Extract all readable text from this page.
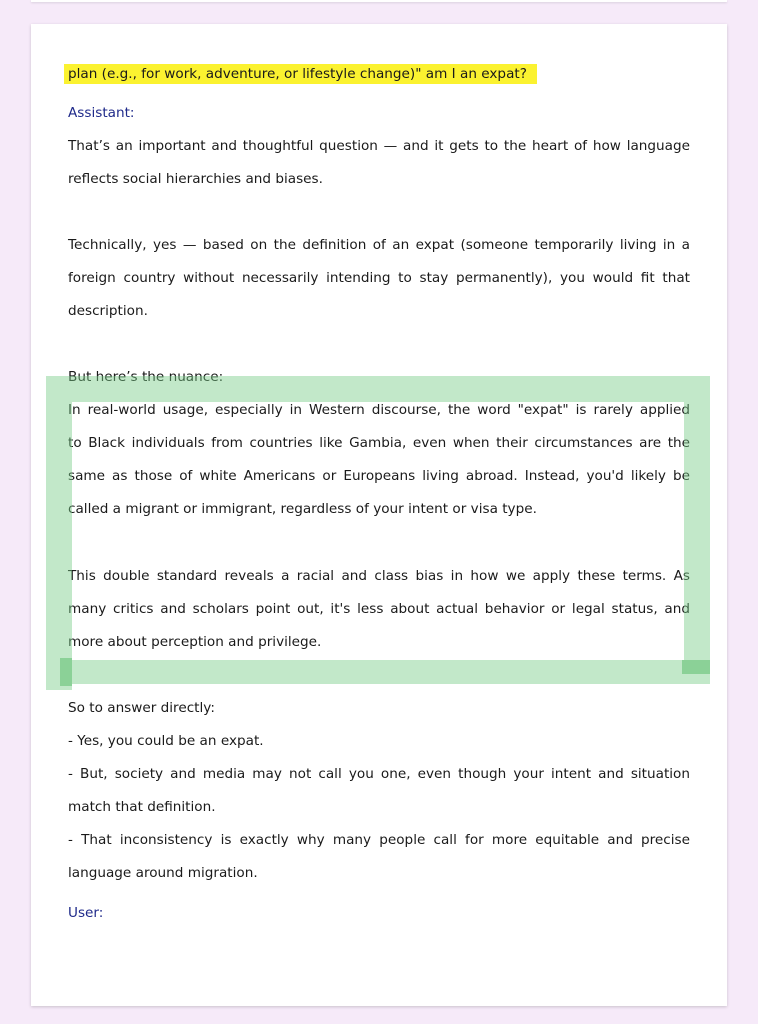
plan (e.g., for work, adventure, or lifestyle change)" am I an expat?
Assistant:
That’s an important and thoughtful question — and it gets to the heart of how language
reflects social hierarchies and biases.
Technically, yes — based on the definition of an expat (someone temporarily living in a
foreign country without necessarily intending to stay permanently), you would fit that
description.
But here’s the nuance:
In real-world usage, especially in Western discourse, the word "expat" is rarely applied
to Black individuals from countries like Gambia, even when their circumstances are the
same as those of white Americans or Europeans living abroad. Instead, you'd likely be
called a migrant or immigrant, regardless of your intent or visa type.
This double standard reveals a racial and class bias in how we apply these terms. As
many critics and scholars point out, it's less about actual behavior or legal status, and
more about perception and privilege.
So to answer directly:
- Yes, you could be an expat.
- But, society and media may not call you one, even though your intent and situation
match that definition.
- That inconsistency is exactly why many people call for more equitable and precise
language around migration.
User:
